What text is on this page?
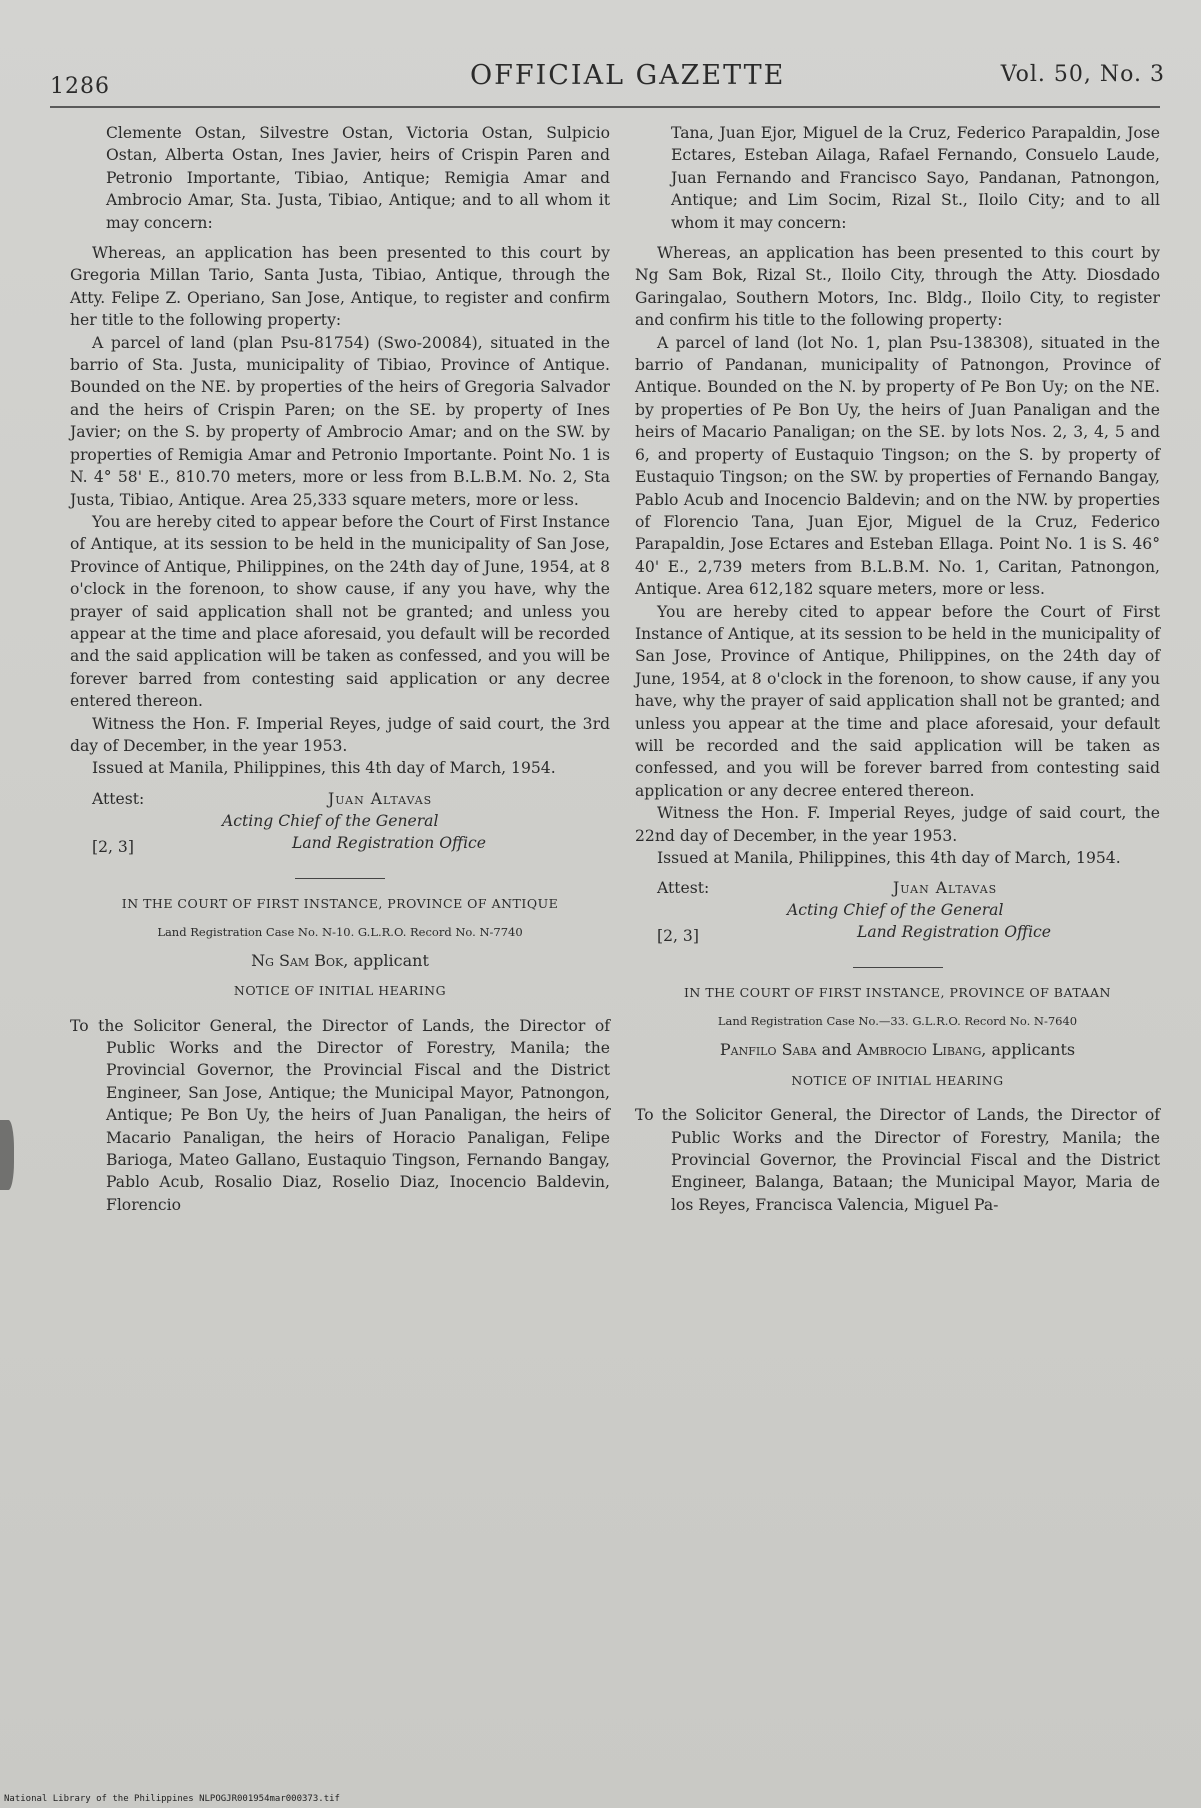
1286	OFFICIAL GAZETTE	Vol. 50, No. 3

Clemente Ostan, Silvestre Ostan, Victoria Ostan, Sulpicio Ostan, Alberta Ostan, Ines Javier, heirs of Crispin Paren and Petronio Importante, Tibiao, Antique; Remigia Amar and Ambrocio Amar, Sta. Justa, Tibiao, Antique; and to all whom it may concern:

Whereas, an application has been presented to this court by Gregoria Millan Tario, Santa Justa, Tibiao, Antique, through the Atty. Felipe Z. Operiano, San Jose, Antique, to register and confirm her title to the following property:

A parcel of land (plan Psu-81754) (Swo-20084), situated in the barrio of Sta. Justa, municipality of Tibiao, Province of Antique. Bounded on the NE. by properties of the heirs of Gregoria Salvador and the heirs of Crispin Paren; on the SE. by property of Ines Javier; on the S. by property of Ambrocio Amar; and on the SW. by properties of Remigia Amar and Petronio Importante. Point No. 1 is N. 4° 58' E., 810.70 meters, more or less from B.L.B.M. No. 2, Sta Justa, Tibiao, Antique. Area 25,333 square meters, more or less.

You are hereby cited to appear before the Court of First Instance of Antique, at its session to be held in the municipality of San Jose, Province of Antique, Philippines, on the 24th day of June, 1954, at 8 o'clock in the forenoon, to show cause, if any you have, why the prayer of said application shall not be granted; and unless you appear at the time and place aforesaid, you default will be recorded and the said application will be taken as confessed, and you will be forever barred from contesting said application or any decree entered thereon.

Witness the Hon. F. Imperial Reyes, judge of said court, the 3rd day of December, in the year 1953.

Issued at Manila, Philippines, this 4th day of March, 1954.

Attest:	Juan Altavas
Acting Chief of the General
Land Registration Office
[2, 3]
IN THE COURT OF FIRST INSTANCE, PROVINCE OF ANTIQUE
Land Registration Case No. N-10. G.L.R.O. Record No. N-7740
Ng Sam Bok, applicant
NOTICE OF INITIAL HEARING

To the Solicitor General, the Director of Lands, the Director of Public Works and the Director of Forestry, Manila; the Provincial Governor, the Provincial Fiscal and the District Engineer, San Jose, Antique; the Municipal Mayor, Patnongon, Antique; Pe Bon Uy, the heirs of Juan Panaligan, the heirs of Macario Panaligan, the heirs of Horacio Panaligan, Felipe Barioga, Mateo Gallano, Eustaquio Tingson, Fernando Bangay, Pablo Acub, Rosalio Diaz, Roselio Diaz, Inocencio Baldevin, Florencio

Tana, Juan Ejor, Miguel de la Cruz, Federico Parapaldin, Jose Ectares, Esteban Ailaga, Rafael Fernando, Consuelo Laude, Juan Fernando and Francisco Sayo, Pandanan, Patnongon, Antique; and Lim Socim, Rizal St., Iloilo City; and to all whom it may concern:

Whereas, an application has been presented to this court by Ng Sam Bok, Rizal St., Iloilo City, through the Atty. Diosdado Garingalao, Southern Motors, Inc. Bldg., Iloilo City, to register and confirm his title to the following property:

A parcel of land (lot No. 1, plan Psu-138308), situated in the barrio of Pandanan, municipality of Patnongon, Province of Antique. Bounded on the N. by property of Pe Bon Uy; on the NE. by properties of Pe Bon Uy, the heirs of Juan Panaligan and the heirs of Macario Panaligan; on the SE. by lots Nos. 2, 3, 4, 5 and 6, and property of Eustaquio Tingson; on the S. by property of Eustaquio Tingson; on the SW. by properties of Fernando Bangay, Pablo Acub and Inocencio Baldevin; and on the NW. by properties of Florencio Tana, Juan Ejor, Miguel de la Cruz, Federico Parapaldin, Jose Ectares and Esteban Ellaga. Point No. 1 is S. 46° 40' E., 2,739 meters from B.L.B.M. No. 1, Caritan, Patnongon, Antique. Area 612,182 square meters, more or less.

You are hereby cited to appear before the Court of First Instance of Antique, at its session to be held in the municipality of San Jose, Province of Antique, Philippines, on the 24th day of June, 1954, at 8 o'clock in the forenoon, to show cause, if any you have, why the prayer of said application shall not be granted; and unless you appear at the time and place aforesaid, your default will be recorded and the said application will be taken as confessed, and you will be forever barred from contesting said application or any decree entered thereon.

Witness the Hon. F. Imperial Reyes, judge of said court, the 22nd day of December, in the year 1953.

Issued at Manila, Philippines, this 4th day of March, 1954.

Attest:	Juan Altavas
Acting Chief of the General
Land Registration Office
[2, 3]
IN THE COURT OF FIRST INSTANCE, PROVINCE OF BATAAN
Land Registration Case No.—33. G.L.R.O. Record No. N-7640
Panfilo Saba and Ambrocio Libang, applicants
NOTICE OF INITIAL HEARING

To the Solicitor General, the Director of Lands, the Director of Public Works and the Director of Forestry, Manila; the Provincial Governor, the Provincial Fiscal and the District Engineer, Balanga, Bataan; the Municipal Mayor, Maria de los Reyes, Francisca Valencia, Miguel Pa-

National Library of the Philippines NLPOGJR001954mar000373.tif
